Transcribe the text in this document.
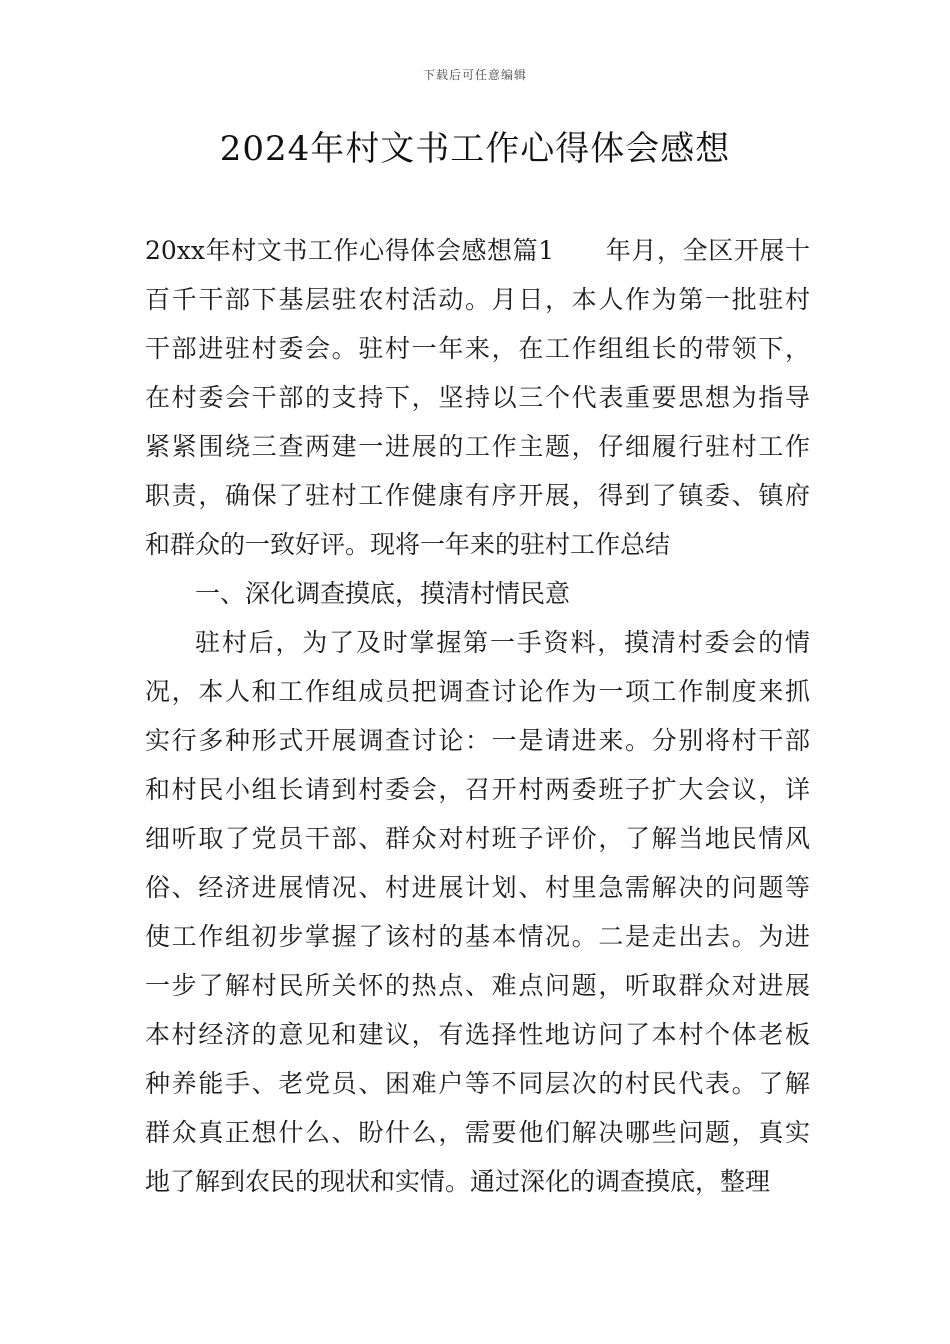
下载后可任意编辑
2024年村文书工作心得体会感想
20xx年村文书工作心得体会感想篇1　　年月，全区开展十
百千干部下基层驻农村活动。月日，本人作为第一批驻村
干部进驻村委会。驻村一年来，在工作组组长的带领下，
在村委会干部的支持下，坚持以三个代表重要思想为指导
紧紧围绕三查两建一进展的工作主题，仔细履行驻村工作
职责，确保了驻村工作健康有序开展，得到了镇委、镇府
和群众的一致好评。现将一年来的驻村工作总结
一、深化调查摸底，摸清村情民意
驻村后，为了及时掌握第一手资料，摸清村委会的情
况，本人和工作组成员把调查讨论作为一项工作制度来抓
实行多种形式开展调查讨论：一是请进来。分别将村干部
和村民小组长请到村委会，召开村两委班子扩大会议，详
细听取了党员干部、群众对村班子评价，了解当地民情风
俗、经济进展情况、村进展计划、村里急需解决的问题等
使工作组初步掌握了该村的基本情况。二是走出去。为进
一步了解村民所关怀的热点、难点问题，听取群众对进展
本村经济的意见和建议，有选择性地访问了本村个体老板
种养能手、老党员、困难户等不同层次的村民代表。了解
群众真正想什么、盼什么，需要他们解决哪些问题，真实
地了解到农民的现状和实情。通过深化的调查摸底，整理
